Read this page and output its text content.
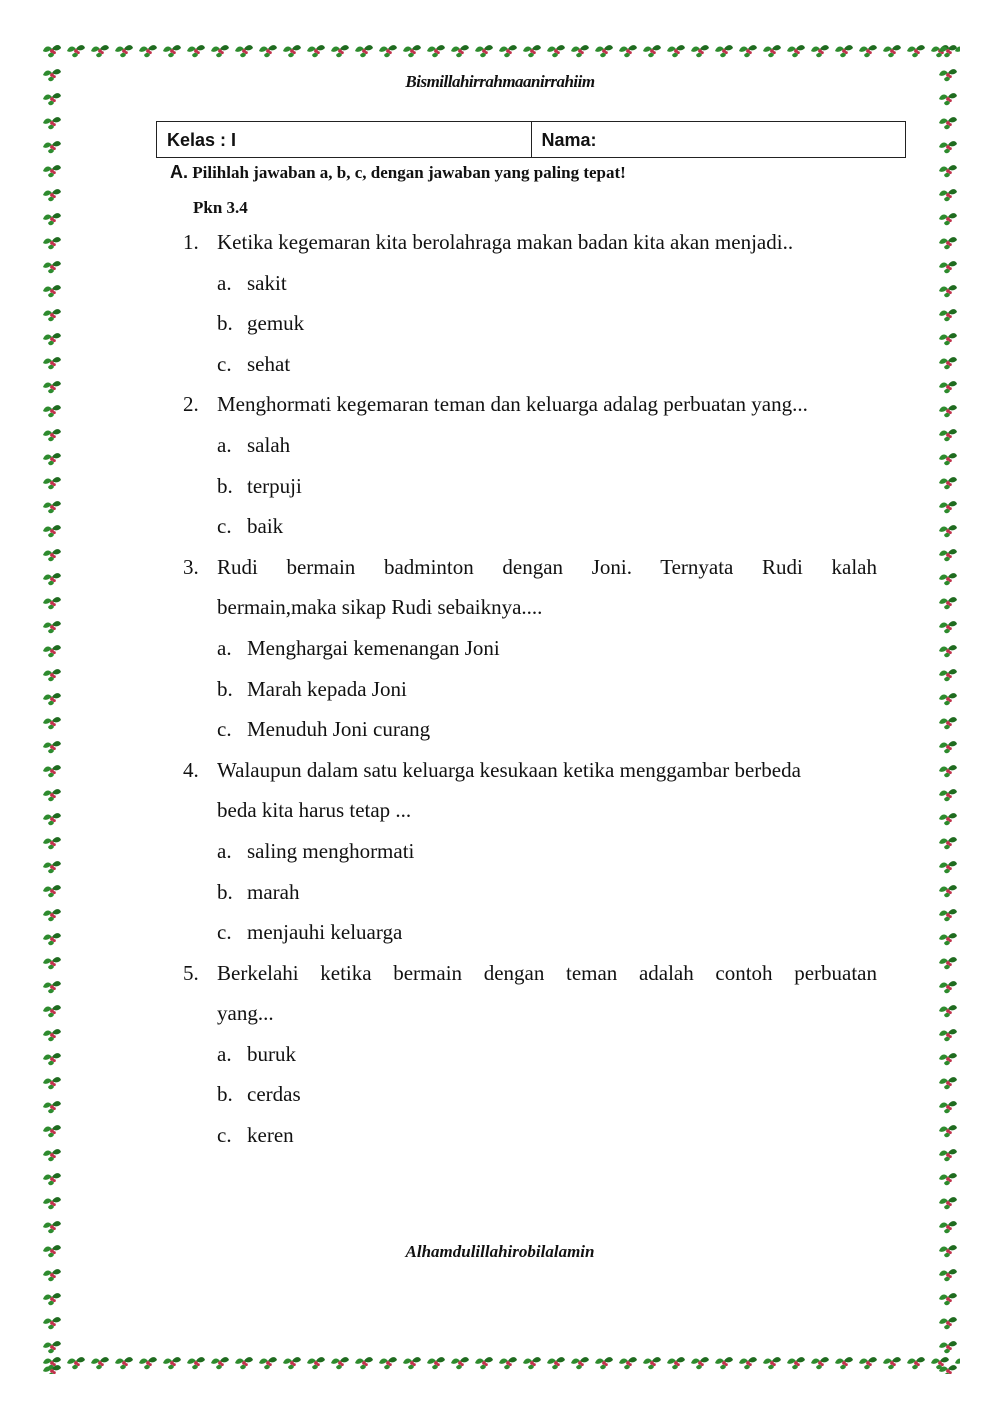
Bismillahirrahmaanirrahiim
Kelas : I	Nama:
A. Pilihlah jawaban a, b, c, dengan jawaban yang paling tepat!
Pkn 3.4
1. Ketika kegemaran kita berolahraga makan badan kita akan menjadi..
a. sakit
b. gemuk
c. sehat
2. Menghormati kegemaran teman dan keluarga adalag perbuatan yang...
a. salah
b. terpuji
c. baik
3. Rudi bermain badminton dengan Joni. Ternyata Rudi kalah
bermain,maka sikap Rudi sebaiknya....
a. Menghargai kemenangan Joni
b. Marah kepada Joni
c. Menuduh Joni curang
4. Walaupun dalam satu keluarga kesukaan ketika menggambar berbeda
beda kita harus tetap ...
a. saling menghormati
b. marah
c. menjauhi keluarga
5. Berkelahi ketika bermain dengan teman adalah contoh perbuatan
yang...
a. buruk
b. cerdas
c. keren
Alhamdulillahirobilalamin
